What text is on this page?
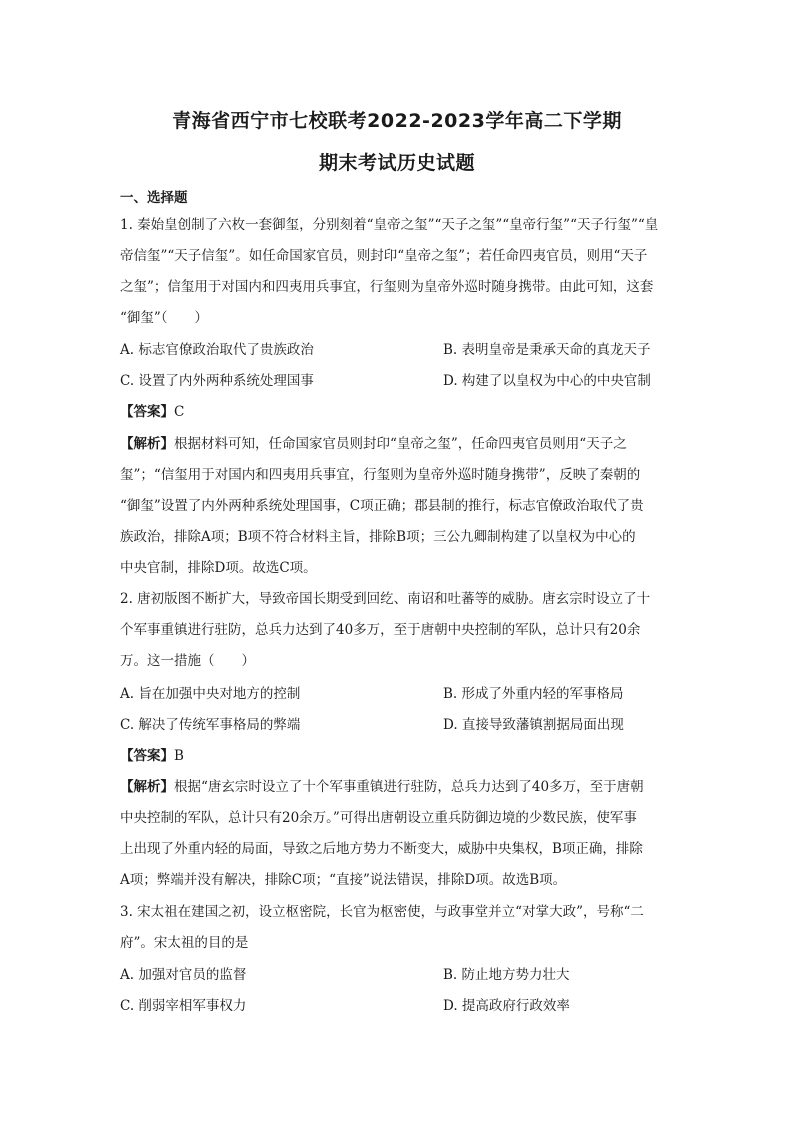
青海省西宁市七校联考2022-2023学年高二下学期
期末考试历史试题
一、选择题
1. 秦始皇创制了六枚一套御玺，分别刻着“皇帝之玺”“天子之玺”“皇帝行玺”“天子行玺”“皇
帝信玺”“天子信玺”。如任命国家官员，则封印“皇帝之玺”；若任命四夷官员，则用“天子
之玺”；信玺用于对国内和四夷用兵事宜，行玺则为皇帝外巡时随身携带。由此可知，这套
“御玺”（　　）
A. 标志官僚政治取代了贵族政治	B. 表明皇帝是秉承天命的真龙天子
C. 设置了内外两种系统处理国事	D. 构建了以皇权为中心的中央官制
【答案】C
【解析】根据材料可知，任命国家官员则封印“皇帝之玺”，任命四夷官员则用“天子之
玺”；“信玺用于对国内和四夷用兵事宜，行玺则为皇帝外巡时随身携带”，反映了秦朝的
“御玺”设置了内外两种系统处理国事，C项正确；郡县制的推行，标志官僚政治取代了贵
族政治，排除A项；B项不符合材料主旨，排除B项；三公九卿制构建了以皇权为中心的
中央官制，排除D项。故选C项。
2. 唐初版图不断扩大，导致帝国长期受到回纥、南诏和吐蕃等的威胁。唐玄宗时设立了十
个军事重镇进行驻防，总兵力达到了40多万，至于唐朝中央控制的军队，总计只有20余
万。这一措施（　　）
A. 旨在加强中央对地方的控制	B. 形成了外重内轻的军事格局
C. 解决了传统军事格局的弊端	D. 直接导致藩镇割据局面出现
【答案】B
【解析】根据“唐玄宗时设立了十个军事重镇进行驻防，总兵力达到了40多万，至于唐朝
中央控制的军队，总计只有20余万。”可得出唐朝设立重兵防御边境的少数民族，使军事
上出现了外重内轻的局面，导致之后地方势力不断变大，威胁中央集权，B项正确，排除
A项；弊端并没有解决，排除C项；“直接”说法错误，排除D项。故选B项。
3. 宋太祖在建国之初，设立枢密院，长官为枢密使，与政事堂并立“对掌大政”，号称“二
府”。宋太祖的目的是
A. 加强对官员的监督	B. 防止地方势力壮大
C. 削弱宰相军事权力	D. 提高政府行政效率
